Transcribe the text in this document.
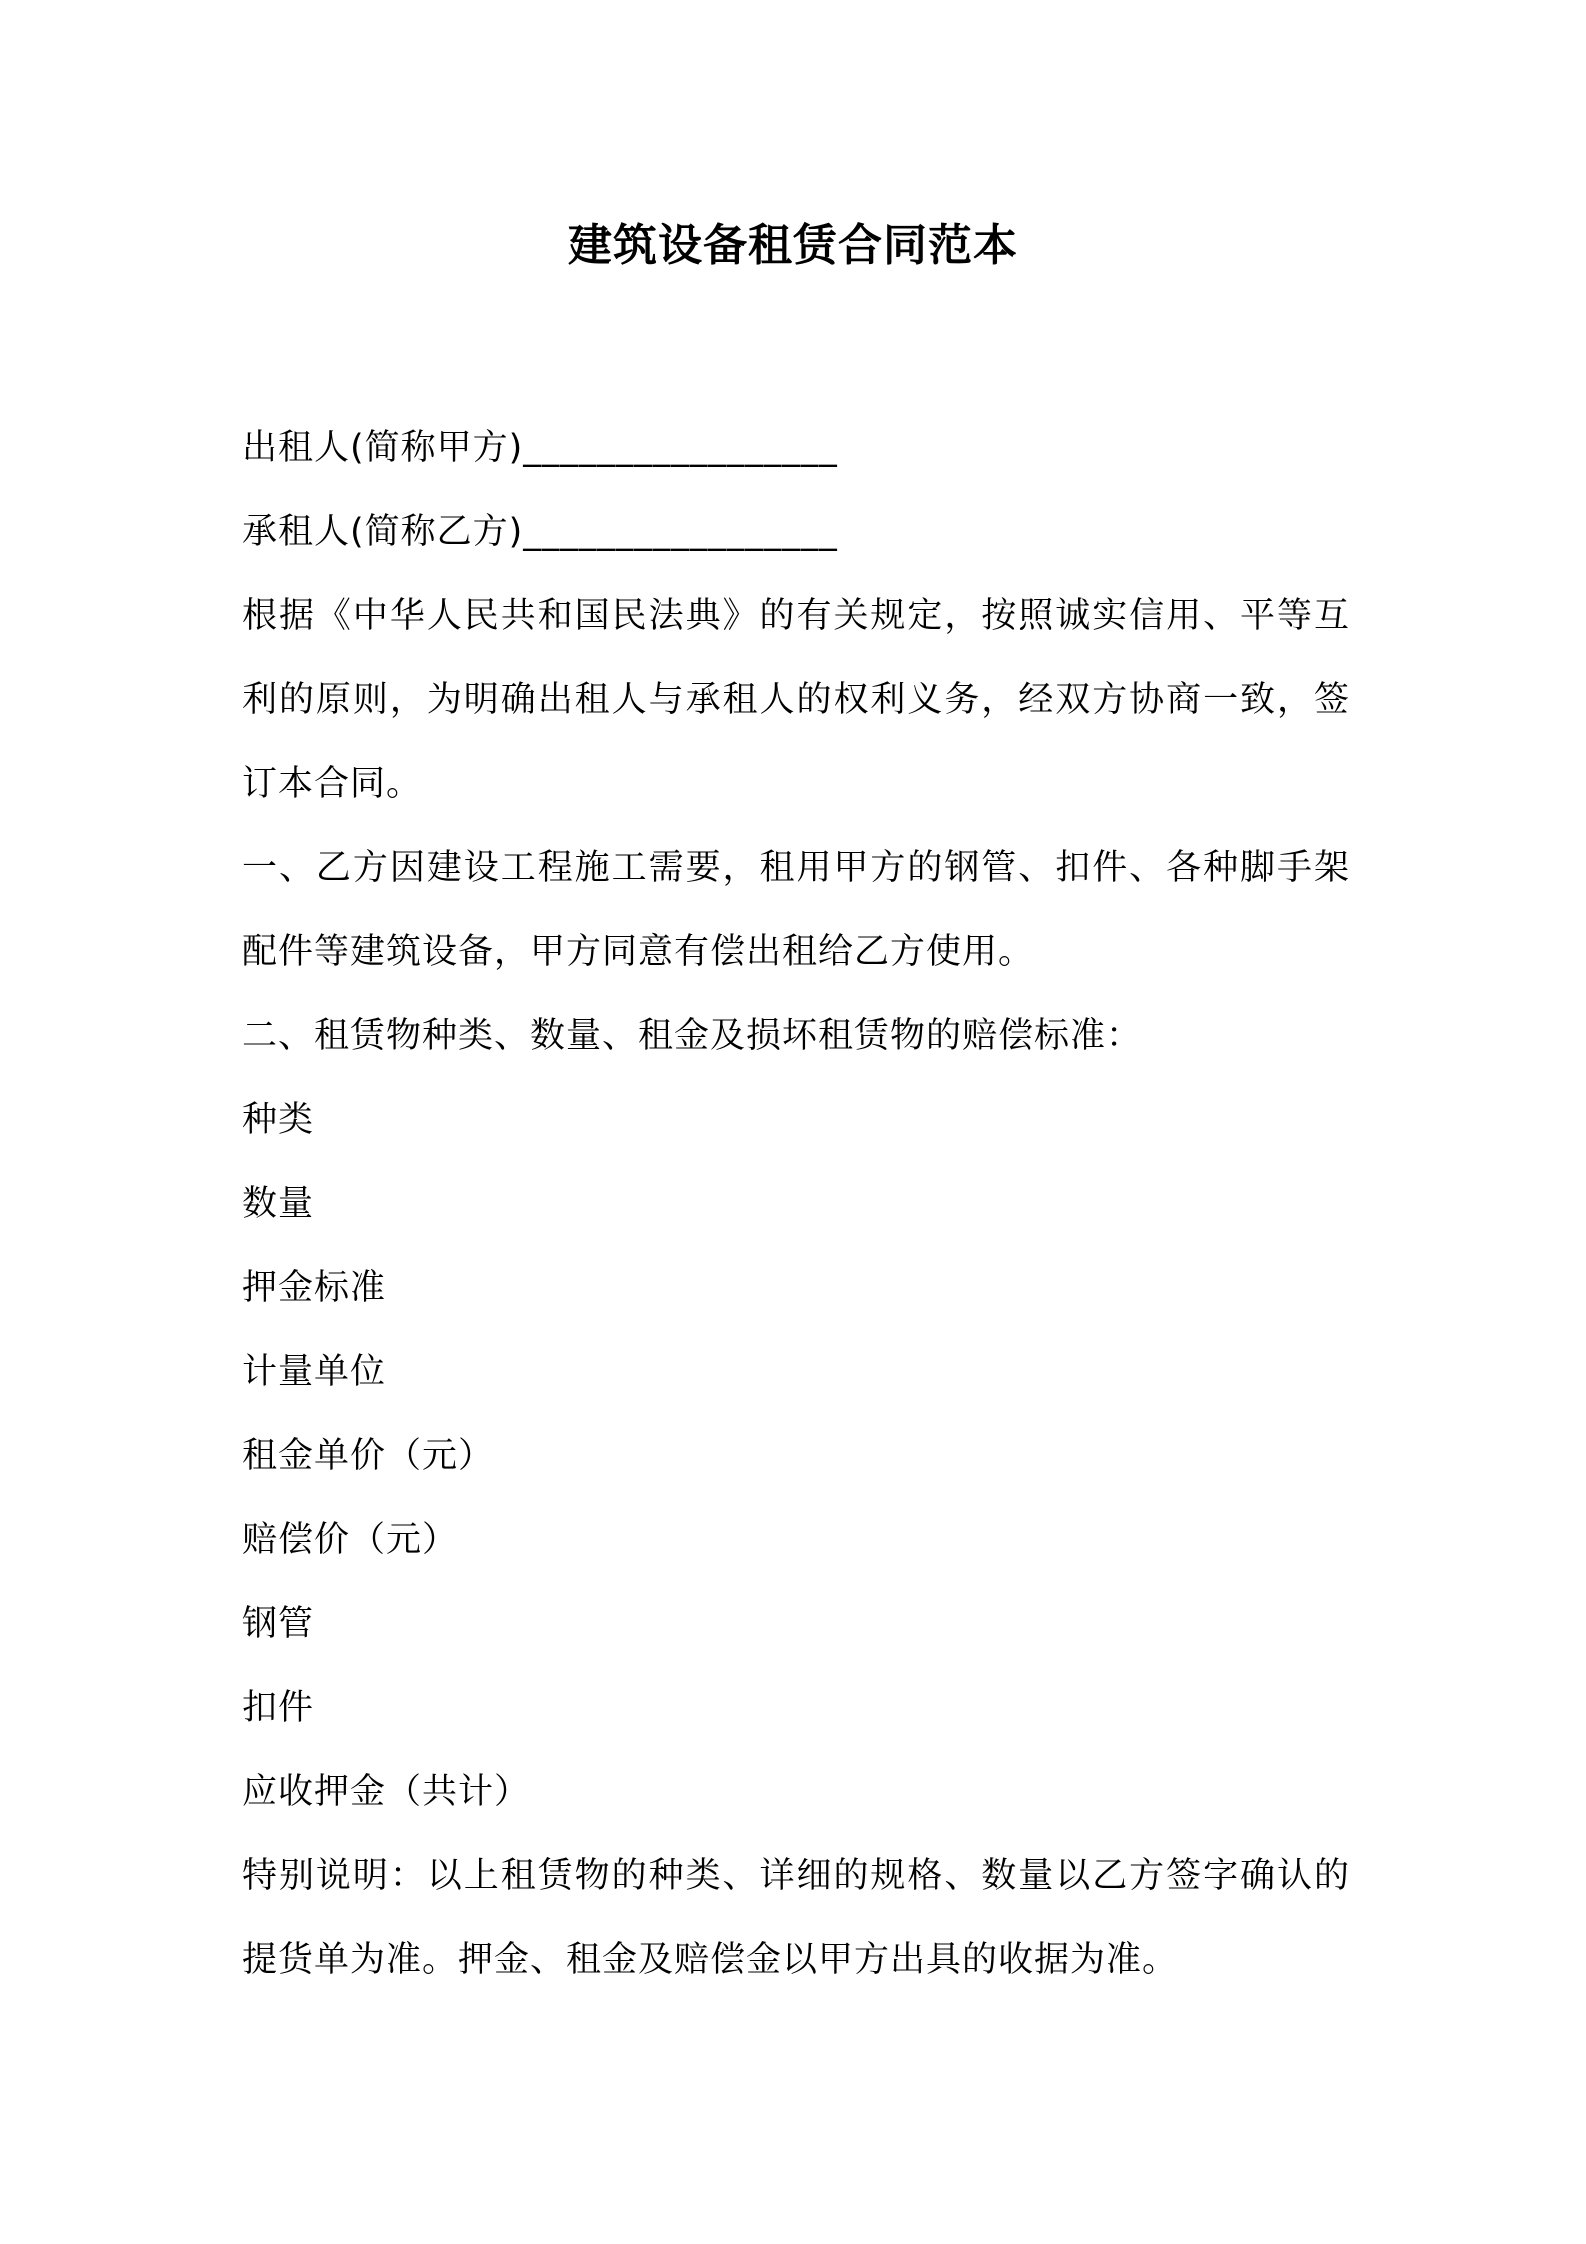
建筑设备租赁合同范本
出租人(简称甲方)_________________
承租人(简称乙方)_________________
根据《中华人民共和国民法典》的有关规定，按照诚实信用、平等互利的原则，为明确出租人与承租人的权利义务，经双方协商一致，签订本合同。
一、乙方因建设工程施工需要，租用甲方的钢管、扣件、各种脚手架配件等建筑设备，甲方同意有偿出租给乙方使用。
二、租赁物种类、数量、租金及损坏租赁物的赔偿标准：
种类
数量
押金标准
计量单位
租金单价（元）
赔偿价（元）
钢管
扣件
应收押金（共计）
特别说明：以上租赁物的种类、详细的规格、数量以乙方签字确认的提货单为准。押金、租金及赔偿金以甲方出具的收据为准。
